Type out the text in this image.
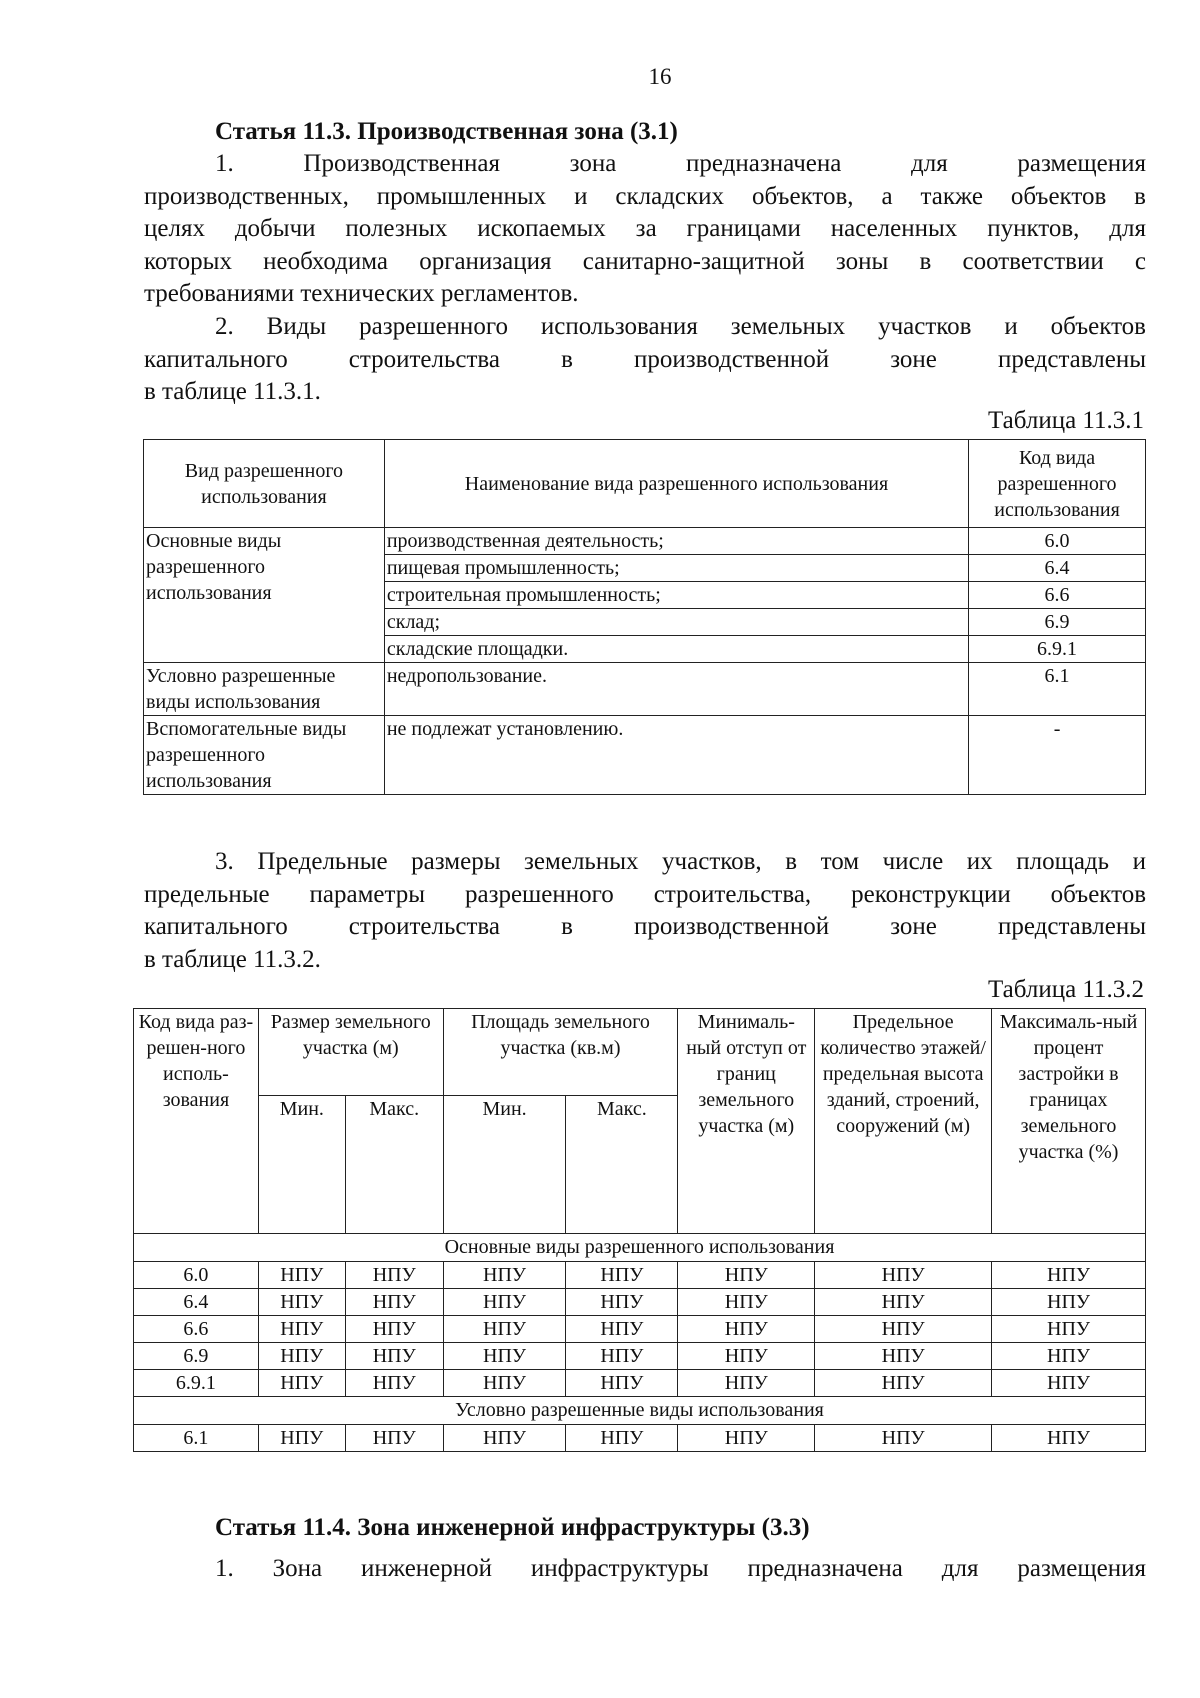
16
Статья 11.3. Производственная зона (3.1)

1. Производственная зона предназначена для размещения
производственных, промышленных и складских объектов, а также объектов в
целях добычи полезных ископаемых за границами населенных пунктов, для
которых необходима организация санитарно-защитной зоны в соответствии с
требованиями технических регламентов.

2. Виды разрешенного использования земельных участков и объектов
капитального строительства в производственной зоне представлены
в таблице 11.3.1.

Таблица 11.3.1
Вид разрешенного использования	Наименование вида разрешенного использования	Код вида разрешенного использования
Основные виды разрешенного использования	производственная деятельность;	6.0
	пищевая промышленность;	6.4
	строительная промышленность;	6.6
	склад;	6.9
	складские площадки.	6.9.1
Условно разрешенные виды использования	недропользование.	6.1
Вспомогательные виды разрешенного использования	не подлежат установлению.	-

3. Предельные размеры земельных участков, в том числе их площадь и
предельные параметры разрешенного строительства, реконструкции объектов
капитального строительства в производственной зоне представлены
в таблице 11.3.2.

Таблица 11.3.2
Код вида раз-решен-ного исполь-зования	Размер земельного участка (м)		Площадь земельного участка (кв.м)		Минималь-ный отступ от границ земельного участка (м)	Предельное количество этажей/ предельная высота зданий, строений, сооружений (м)	Максималь-ный процент застройки в границах земельного участка (%)
	Мин.	Макс.	Мин.	Макс.			
Основные виды разрешенного использования							
6.0	НПУ	НПУ	НПУ	НПУ	НПУ	НПУ	НПУ
6.4	НПУ	НПУ	НПУ	НПУ	НПУ	НПУ	НПУ
6.6	НПУ	НПУ	НПУ	НПУ	НПУ	НПУ	НПУ
6.9	НПУ	НПУ	НПУ	НПУ	НПУ	НПУ	НПУ
6.9.1	НПУ	НПУ	НПУ	НПУ	НПУ	НПУ	НПУ
Условно разрешенные виды использования							
6.1	НПУ	НПУ	НПУ	НПУ	НПУ	НПУ	НПУ
Статья 11.4. Зона инженерной инфраструктуры (3.3)

1. Зона инженерной инфраструктуры предназначена для размещения
